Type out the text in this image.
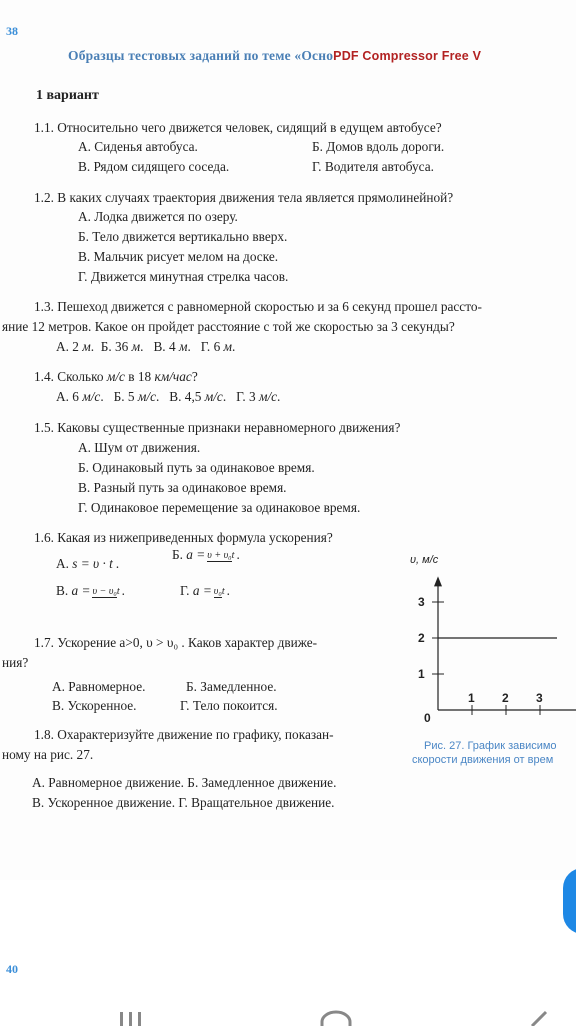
38
Образцы тестовых заданий по теме «ОсноPDF Compressor Free V
1 вариант
1.1. Относительно чего движется человек, сидящий в едущем автобусе?
А. Сиденья автобуса.	Б. Домов вдоль дороги.
В. Рядом сидящего соседа.	Г. Водителя автобуса.
1.2. В каких случаях траектория движения тела является прямолинейной?
А. Лодка движется по озеру.
Б. Тело движется вертикально вверх.
В. Мальчик рисует мелом на доске.
Г. Движется минутная стрелка часов.
1.3. Пешеход движется с равномерной скоростью и за 6 секунд прошел рассто-
яние 12 метров. Какое он пройдет расстояние с той же скоростью за 3 секунды?
А. 2 м.  Б. 36 м.   В. 4 м.   Г. 6 м.
1.4. Сколько м/с в 18 км/час?
А. 6 м/с.   Б. 5 м/с.   В. 4,5 м/с.   Г. 3 м/с.
1.5. Каковы существенные признаки неравномерного движения?
А. Шум от движения.
Б. Одинаковый путь за одинаковое время.
В. Разный путь за одинаковое время.
Г. Одинаковое перемещение за одинаковое время.
1.6. Какая из нижеприведенных формула ускорения?
А. s = υ · t .
Б. a = υ + υ₀t .
В. a = υ − υ₀t .	Г. a = υ₀t .
1.7. Ускорение a>0, υ > υ₀ . Каков характер движе-
ния?
А. Равномерное.	Б. Замедленное.
В. Ускоренное.	Г. Тело покоится.
1.8. Охарактеризуйте движение по графику, показан-
ному на рис. 27.
А. Равномерное движение. Б. Замедленное движение.
В. Ускоренное движение. Г. Вращательное движение.
1
2
3
0
1 2 3
υ, м/с
Рис. 27. График зависимо
скорости движения от врем
40
